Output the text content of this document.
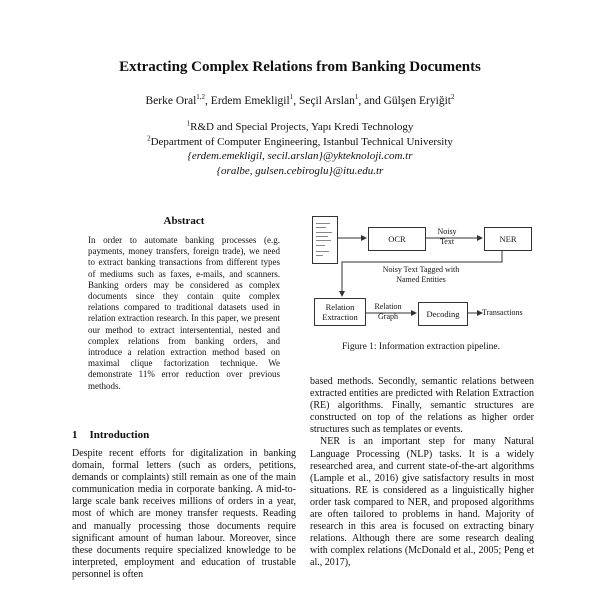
Extracting Complex Relations from Banking Documents
Berke Oral$^{1,2}$, Erdem Emekligil$^1$, Seçil Arslan$^1$, and Gülşen Eryiğit$^2$
$^1$R&D and Special Projects, Yapı Kredi Technology
$^2$Department of Computer Engineering, Istanbul Technical University
{erdem.emekligil, secil.arslan}@ykteknoloji.com.tr
{oralbe, gulsen.cebiroglu}@itu.edu.tr
Abstract
In order to automate banking processes (e.g. payments, money transfers, foreign trade), we need to extract banking transactions from different types of mediums such as faxes, e-mails, and scanners. Banking orders may be considered as complex documents since they contain quite complex relations compared to traditional datasets used in relation extraction research. In this paper, we present our method to extract intersentential, nested and complex relations from banking orders, and introduce a relation extraction method based on maximal clique factorization technique. We demonstrate 11% error reduction over previous methods.
1 Introduction

Despite recent efforts for digitalization in banking domain, formal letters (such as orders, petitions, demands or complaints) still remain as one of the main communication media in corporate banking. A mid-to-large scale bank receives millions of orders in a year, most of which are money transfer requests. Reading and manually processing those documents require significant amount of human labour. Moreover, since these documents require specialized knowledge to be interpreted, employment and education of trustable personnel is often

OCR
Noisy Text	NER
Noisy Text Tagged with Named Entities
Relation Extraction
Relation Graph	Decoding	Transactions
Figure 1: Information extraction pipeline.

based methods. Secondly, semantic relations between extracted entities are predicted with Relation Extraction (RE) algorithms. Finally, semantic structures are constructed on top of the relations as higher order structures such as templates or events.

NER is an important step for many Natural Language Processing (NLP) tasks. It is a widely researched area, and current state-of-the-art algorithms (Lample et al., 2016) give satisfactory results in most situations. RE is considered as a linguistically higher order task compared to NER, and proposed algorithms are often tailored to problems in hand. Majority of research in this area is focused on extracting binary relations. Although there are some research dealing with complex relations (McDonald et al., 2005; Peng et al., 2017),
